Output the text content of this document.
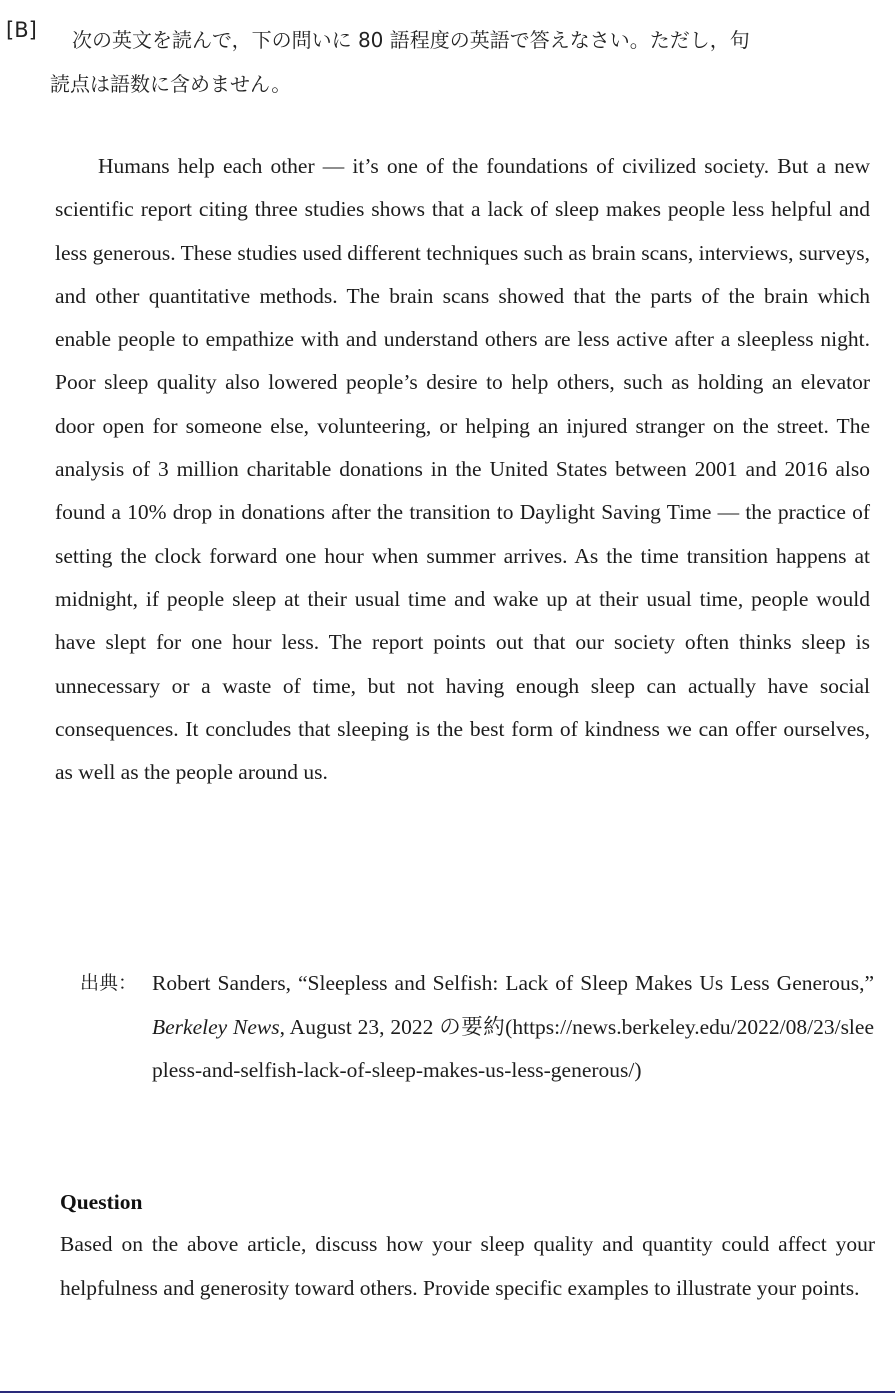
[B]	次の英文を読んで，下の問いに 80 語程度の英語で答えなさい。ただし，句
読点は語数に含めません。

Humans help each other — it’s one of the foundations of civilized society. But a new scientific report citing three studies shows that a lack of sleep makes people less helpful and less generous. These studies used different techniques such as brain scans, interviews, surveys, and other quantitative methods. The brain scans showed that the parts of the brain which enable people to empathize with and understand others are less active after a sleepless night. Poor sleep quality also lowered people’s desire to help others, such as holding an elevator door open for someone else, volunteering, or helping an injured stranger on the street. The analysis of 3 million charitable donations in the United States between 2001 and 2016 also found a 10% drop in donations after the transition to Daylight Saving Time — the practice of setting the clock forward one hour when summer arrives. As the time transition happens at midnight, if people sleep at their usual time and wake up at their usual time, people would have slept for one hour less. The report points out that our society often thinks sleep is unnecessary or a waste of time, but not having enough sleep can actually have social consequences. It concludes that sleeping is the best form of kindness we can offer ourselves, as well as the people around us.

出典： Robert Sanders, “Sleepless and Selfish: Lack of Sleep Makes Us Less Generous,” Berkeley News, August 23, 2022 の要約(https://news.berkeley.edu/2022/08/23/sleepless-and-selfish-lack-of-sleep-makes-us-less-generous/)

Question

Based on the above article, discuss how your sleep quality and quantity could affect your helpfulness and generosity toward others. Provide specific examples to illustrate your points.
